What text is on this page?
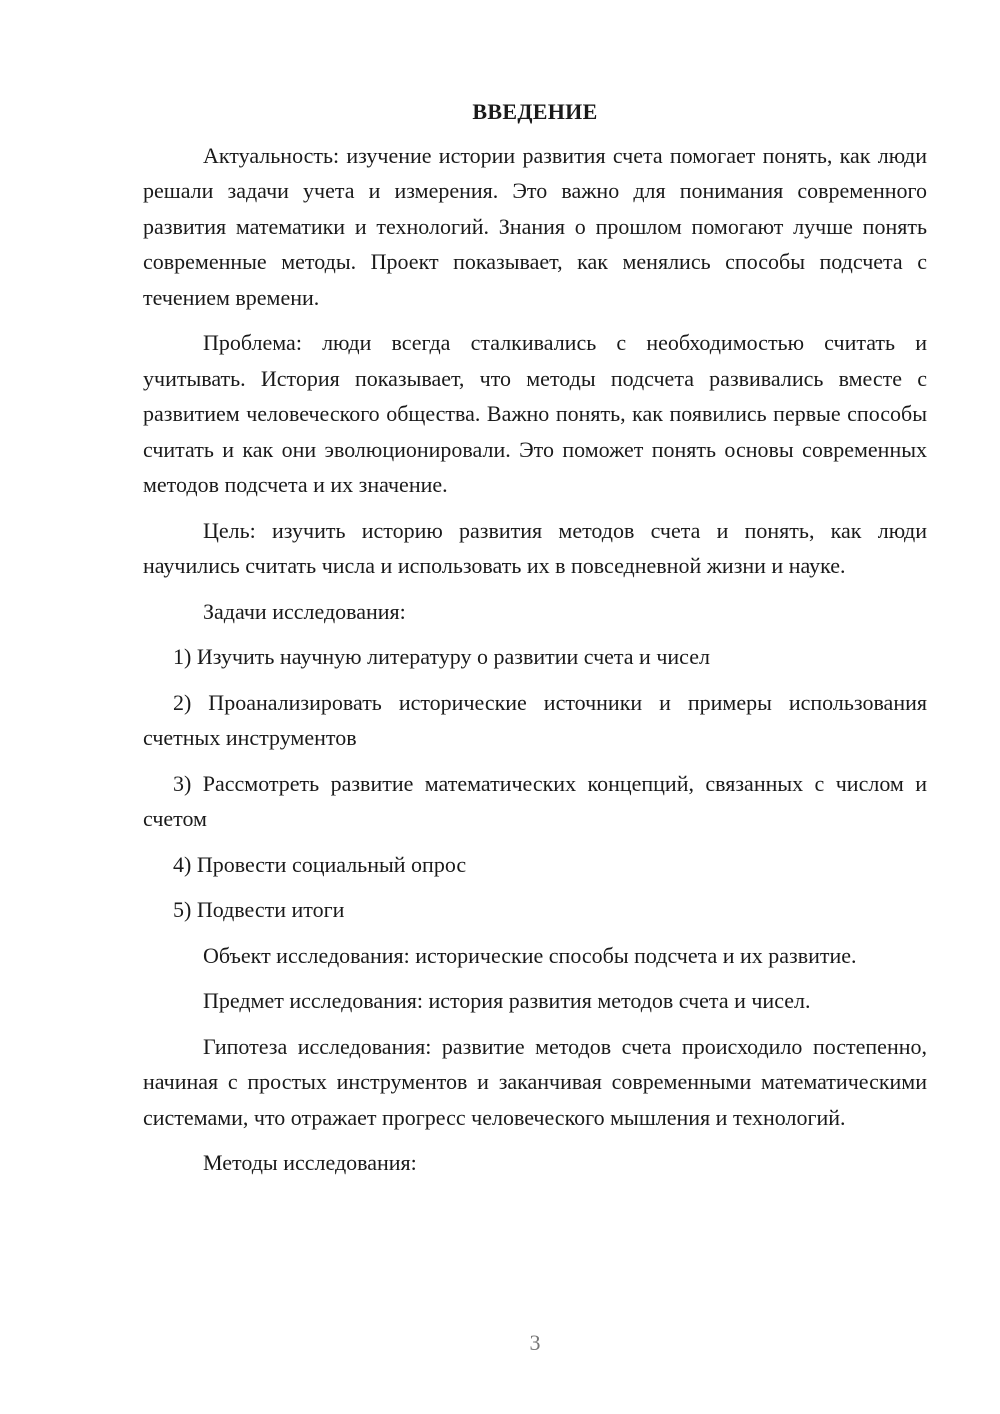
ВВЕДЕНИЕ

Актуальность: изучение истории развития счета помогает понять, как люди решали задачи учета и измерения. Это важно для понимания современного развития математики и технологий. Знания о прошлом помогают лучше понять современные методы. Проект показывает, как менялись способы подсчета с течением времени.

Проблема: люди всегда сталкивались с необходимостью считать и учитывать. История показывает, что методы подсчета развивались вместе с развитием человеческого общества. Важно понять, как появились первые способы считать и как они эволюционировали. Это поможет понять основы современных методов подсчета и их значение.

Цель: изучить историю развития методов счета и понять, как люди научились считать числа и использовать их в повседневной жизни и науке.

Задачи исследования:

1) Изучить научную литературу о развитии счета и чисел

2) Проанализировать исторические источники и примеры использования счетных инструментов

3) Рассмотреть развитие математических концепций, связанных с числом и счетом

4) Провести социальный опрос

5) Подвести итоги

Объект исследования: исторические способы подсчета и их развитие.

Предмет исследования: история развития методов счета и чисел.

Гипотеза исследования: развитие методов счета происходило постепенно, начиная с простых инструментов и заканчивая современными математическими системами, что отражает прогресс человеческого мышления и технологий.

Методы исследования:

3
